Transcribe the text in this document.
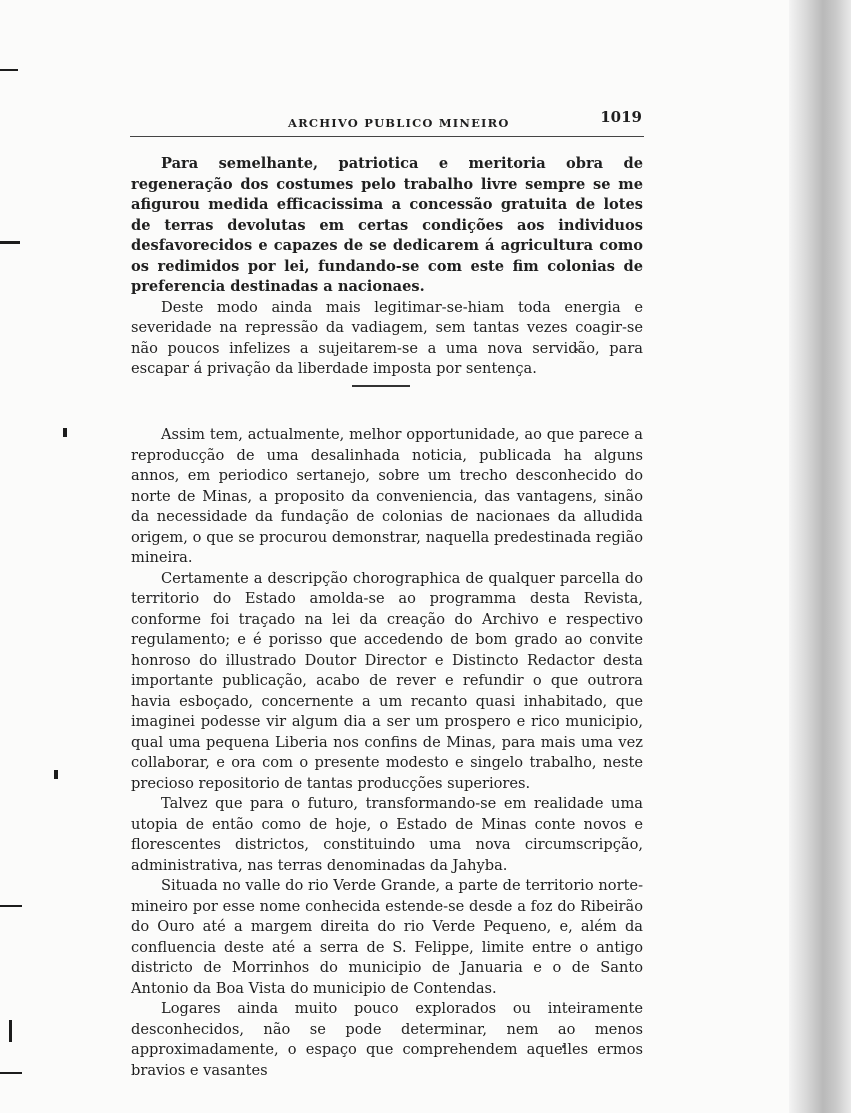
ARCHIVO PUBLICO MINEIRO	1019

Para semelhante, patriotica e meritoria obra de regeneração dos costumes pelo trabalho livre sempre se me afigurou medida efficacissima a concessão gratuita de lotes de terras devolutas em certas condições aos individuos desfavorecidos e capazes de se dedicarem á agricultura como os redimidos por lei, fundando-se com este fim colonias de preferencia destinadas a nacionaes.

Deste modo ainda mais legitimar-se-hiam toda energia e severidade na repressão da vadiagem, sem tantas vezes coagir-se não poucos infelizes a sujeitarem-se a uma nova servidão, para escapar á privação da liberdade imposta por sentença.

Assim tem, actualmente, melhor opportunidade, ao que parece a reproducção de uma desalinhada noticia, publicada ha alguns annos, em periodico sertanejo, sobre um trecho desconhecido do norte de Minas, a proposito da conveniencia, das vantagens, sinão da necessidade da fundação de colonias de nacionaes da alludida origem, o que se procurou demonstrar, naquella predestinada região mineira.

Certamente a descripção chorographica de qualquer parcella do territorio do Estado amolda-se ao programma desta Revista, conforme foi traçado na lei da creação do Archivo e respectivo regulamento; e é porisso que accedendo de bom grado ao convite honroso do illustrado Doutor Director e Distincto Redactor desta importante publicação, acabo de rever e refundir o que outrora havia esboçado, concernente a um recanto quasi inhabitado, que imaginei podesse vir algum dia a ser um prospero e rico municipio, qual uma pequena Liberia nos confins de Minas, para mais uma vez collaborar, e ora com o presente modesto e singelo trabalho, neste precioso repositorio de tantas producções superiores.

Talvez que para o futuro, transformando-se em realidade uma utopia de então como de hoje, o Estado de Minas conte novos e florescentes districtos, constituindo uma nova circumscripção, administrativa, nas terras denominadas da Jahyba.

Situada no valle do rio Verde Grande, a parte de territorio norte-mineiro por esse nome conhecida estende-se desde a foz do Ribeirão do Ouro até a margem direita do rio Verde Pequeno, e, além da confluencia deste até a serra de S. Felippe, limite entre o antigo districto de Morrinhos do municipio de Januaria e o de Santo Antonio da Boa Vista do municipio de Contendas.

Logares ainda muito pouco explorados ou inteiramente desconhecidos, não se pode determinar, nem ao menos approximadamente, o espaço que comprehendem aquelles ermos bravios e vasantes
